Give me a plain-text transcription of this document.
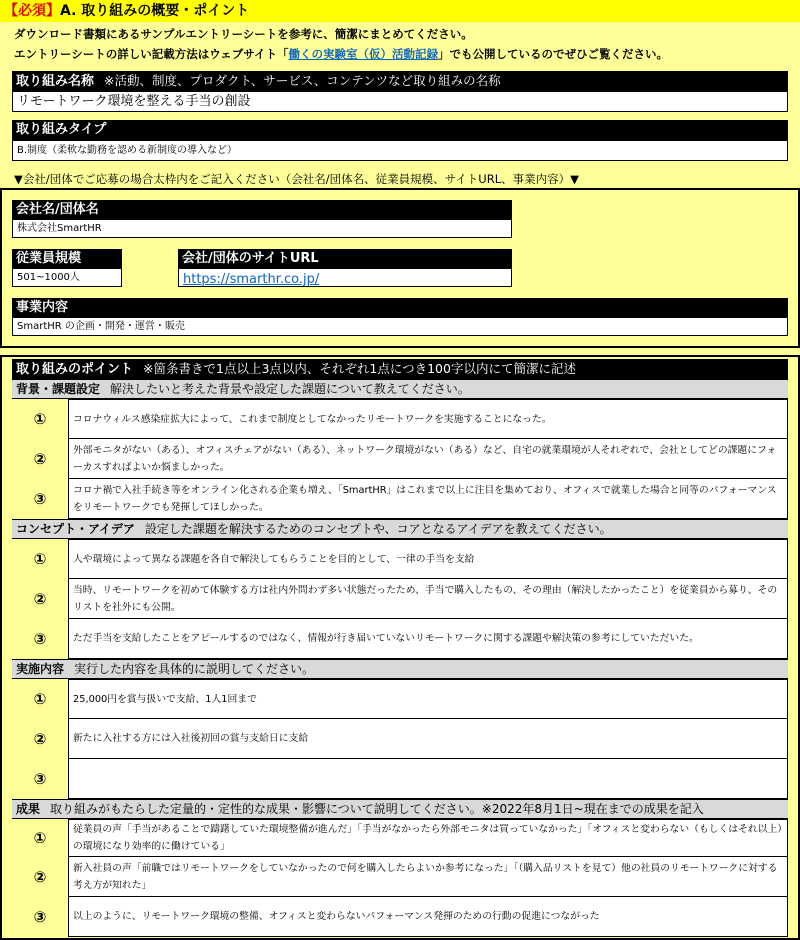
【必須】A. 取り組みの概要・ポイント
ダウンロード書類にあるサンプルエントリーシートを参考に、簡潔にまとめてください。
エントリーシートの詳しい記載方法はウェブサイト「働くの実験室（仮）活動記録」でも公開しているのでぜひご覧ください。
取り組み名称 ※活動、制度、プロダクト、サービス、コンテンツなど取り組みの名称
リモートワーク環境を整える手当の創設
取り組みタイプ
B.制度（柔軟な勤務を認める新制度の導入など）
▼会社/団体でご応募の場合太枠内をご記入ください（会社名/団体名、従業員規模、サイトURL、事業内容）▼
会社名/団体名
株式会社SmartHR
従業員規模
501~1000人
会社/団体のサイトURL
https://smarthr.co.jp/
事業内容
SmartHR の企画・開発・運営・販売
取り組みのポイント ※箇条書きで1点以上3点以内、それぞれ1点につき100字以内にて簡潔に記述
背景・課題設定 解決したいと考えた背景や設定した課題について教えてください。
①	コロナウィルス感染症拡大によって、これまで制度としてなかったリモートワークを実施することになった。
②	外部モニタがない（ある）、オフィスチェアがない（ある）、ネットワーク環境がない（ある）など、自宅の就業環境が人それぞれで、会社としてどの課題にフォーカスすればよいか悩ましかった。
③	コロナ禍で入社手続き等をオンライン化される企業も増え、「SmartHR」はこれまで以上に注目を集めており、オフィスで就業した場合と同等のパフォーマンスをリモートワークでも発揮してほしかった。
コンセプト・アイデア 設定した課題を解決するためのコンセプトや、コアとなるアイデアを教えてください。
①	人や環境によって異なる課題を各自で解決してもらうことを目的として、一律の手当を支給
②	当時、リモートワークを初めて体験する方は社内外問わず多い状態だったため、手当で購入したもの、その理由（解決したかったこと）を従業員から募り、そのリストを社外にも公開。
③	ただ手当を支給したことをアピールするのではなく、情報が行き届いていないリモートワークに関する課題や解決策の参考にしていただいた。
実施内容 実行した内容を具体的に説明してください。
①	25,000円を賞与扱いで支給、1人1回まで
②	新たに入社する方には入社後初回の賞与支給日に支給
③
成果 取り組みがもたらした定量的・定性的な成果・影響について説明してください。※2022年8月1日~現在までの成果を記入
①	従業員の声「手当があることで躊躇していた環境整備が進んだ」「手当がなかったら外部モニタは買っていなかった」「オフィスと変わらない（もしくはそれ以上）の環境になり効率的に働けている」
②	新入社員の声「前職ではリモートワークをしていなかったので何を購入したらよいか参考になった」「（購入品リストを見て）他の社員のリモートワークに対する考え方が知れた」
③	以上のように、リモートワーク環境の整備、オフィスと変わらないパフォーマンス発揮のための行動の促進につながった
